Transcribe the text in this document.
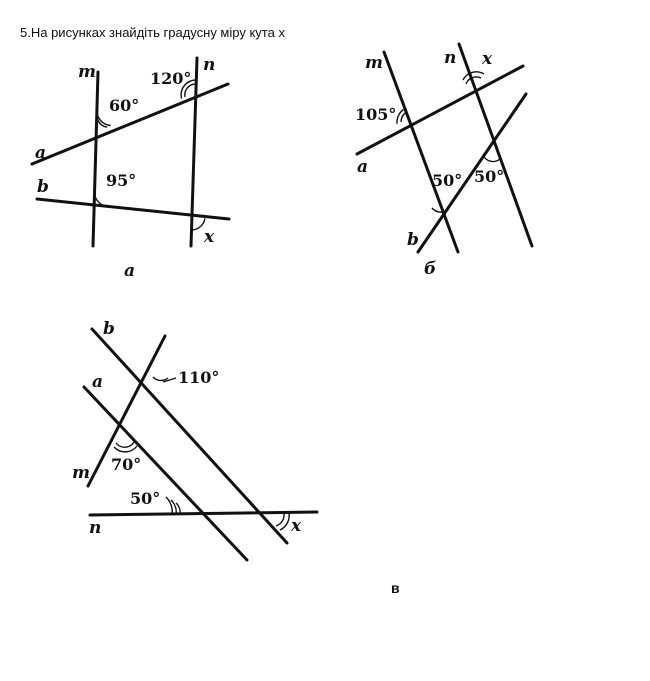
5.На рисунках знайдіть градусну міру кута х
m	n
a
b
60°
120°
95°
x
а
m	n
a
b
105°
50° 50°
x
б
b
a
m
n
110°
70°
50°
x
в
